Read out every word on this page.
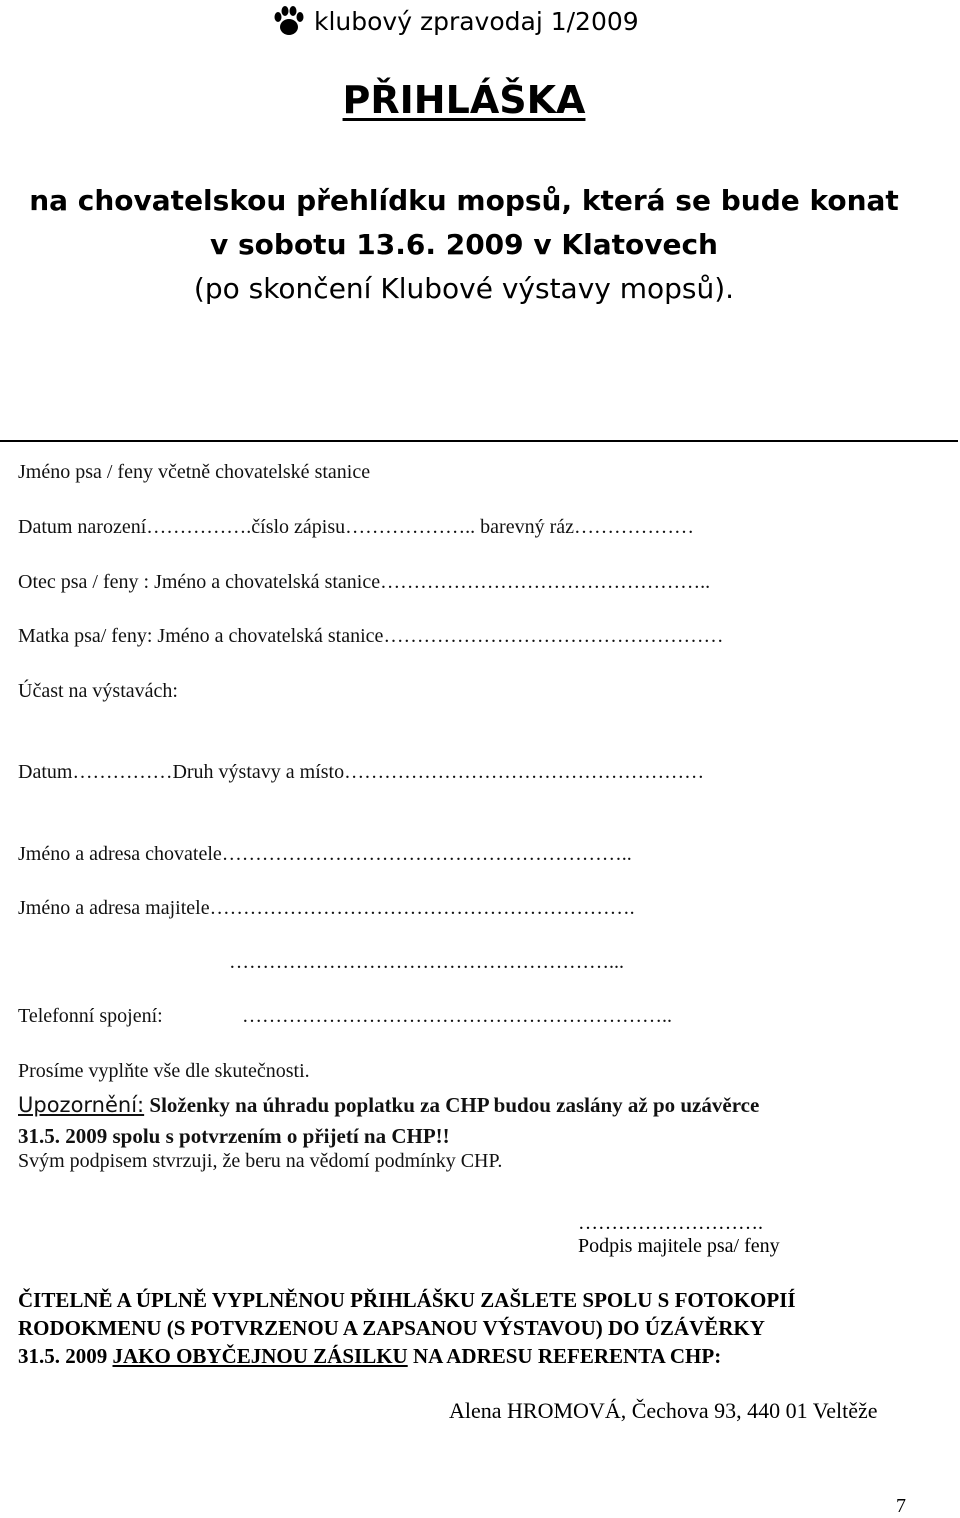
klubový zpravodaj 1/2009
PŘIHLÁŠKA
na chovatelskou přehlídku mopsů, která se bude konat
v sobotu 13.6. 2009 v Klatovech
(po skončení Klubové výstavy mopsů).
Jméno psa / feny včetně chovatelské stanice
Datum narození…………….číslo zápisu……………….. barevný ráz………………
Otec psa / feny : Jméno a chovatelská stanice…………………………………………..
Matka psa/ feny: Jméno a chovatelská stanice……………………………………………
Účast na výstavách:
Datum……………Druh výstavy a místo………………………………………………
Jméno a adresa chovatele……………………………………………………..
Jméno a adresa majitele……………………………………………………….
…………………………………………………...
Telefonní spojení:	………………………………………………………..
Prosíme vyplňte vše dle skutečnosti.
Upozornění: Složenky na úhradu poplatku za CHP budou zaslány až po uzávěrce
31.5. 2009 spolu s potvrzením o přijetí na CHP!!
Svým podpisem stvrzuji, že beru na vědomí podmínky CHP.
……………………….
Podpis majitele psa/ feny
ČITELNĚ A ÚPLNĚ VYPLNĚNOU PŘIHLÁŠKU ZAŠLETE SPOLU S FOTOKOPIÍ
RODOKMENU (S POTVRZENOU A ZAPSANOU VÝSTAVOU) DO ÚZÁVĚRKY
31.5. 2009 JAKO OBYČEJNOU ZÁSILKU NA ADRESU REFERENTA CHP:
Alena HROMOVÁ, Čechova 93, 440 01 Veltěže
7
